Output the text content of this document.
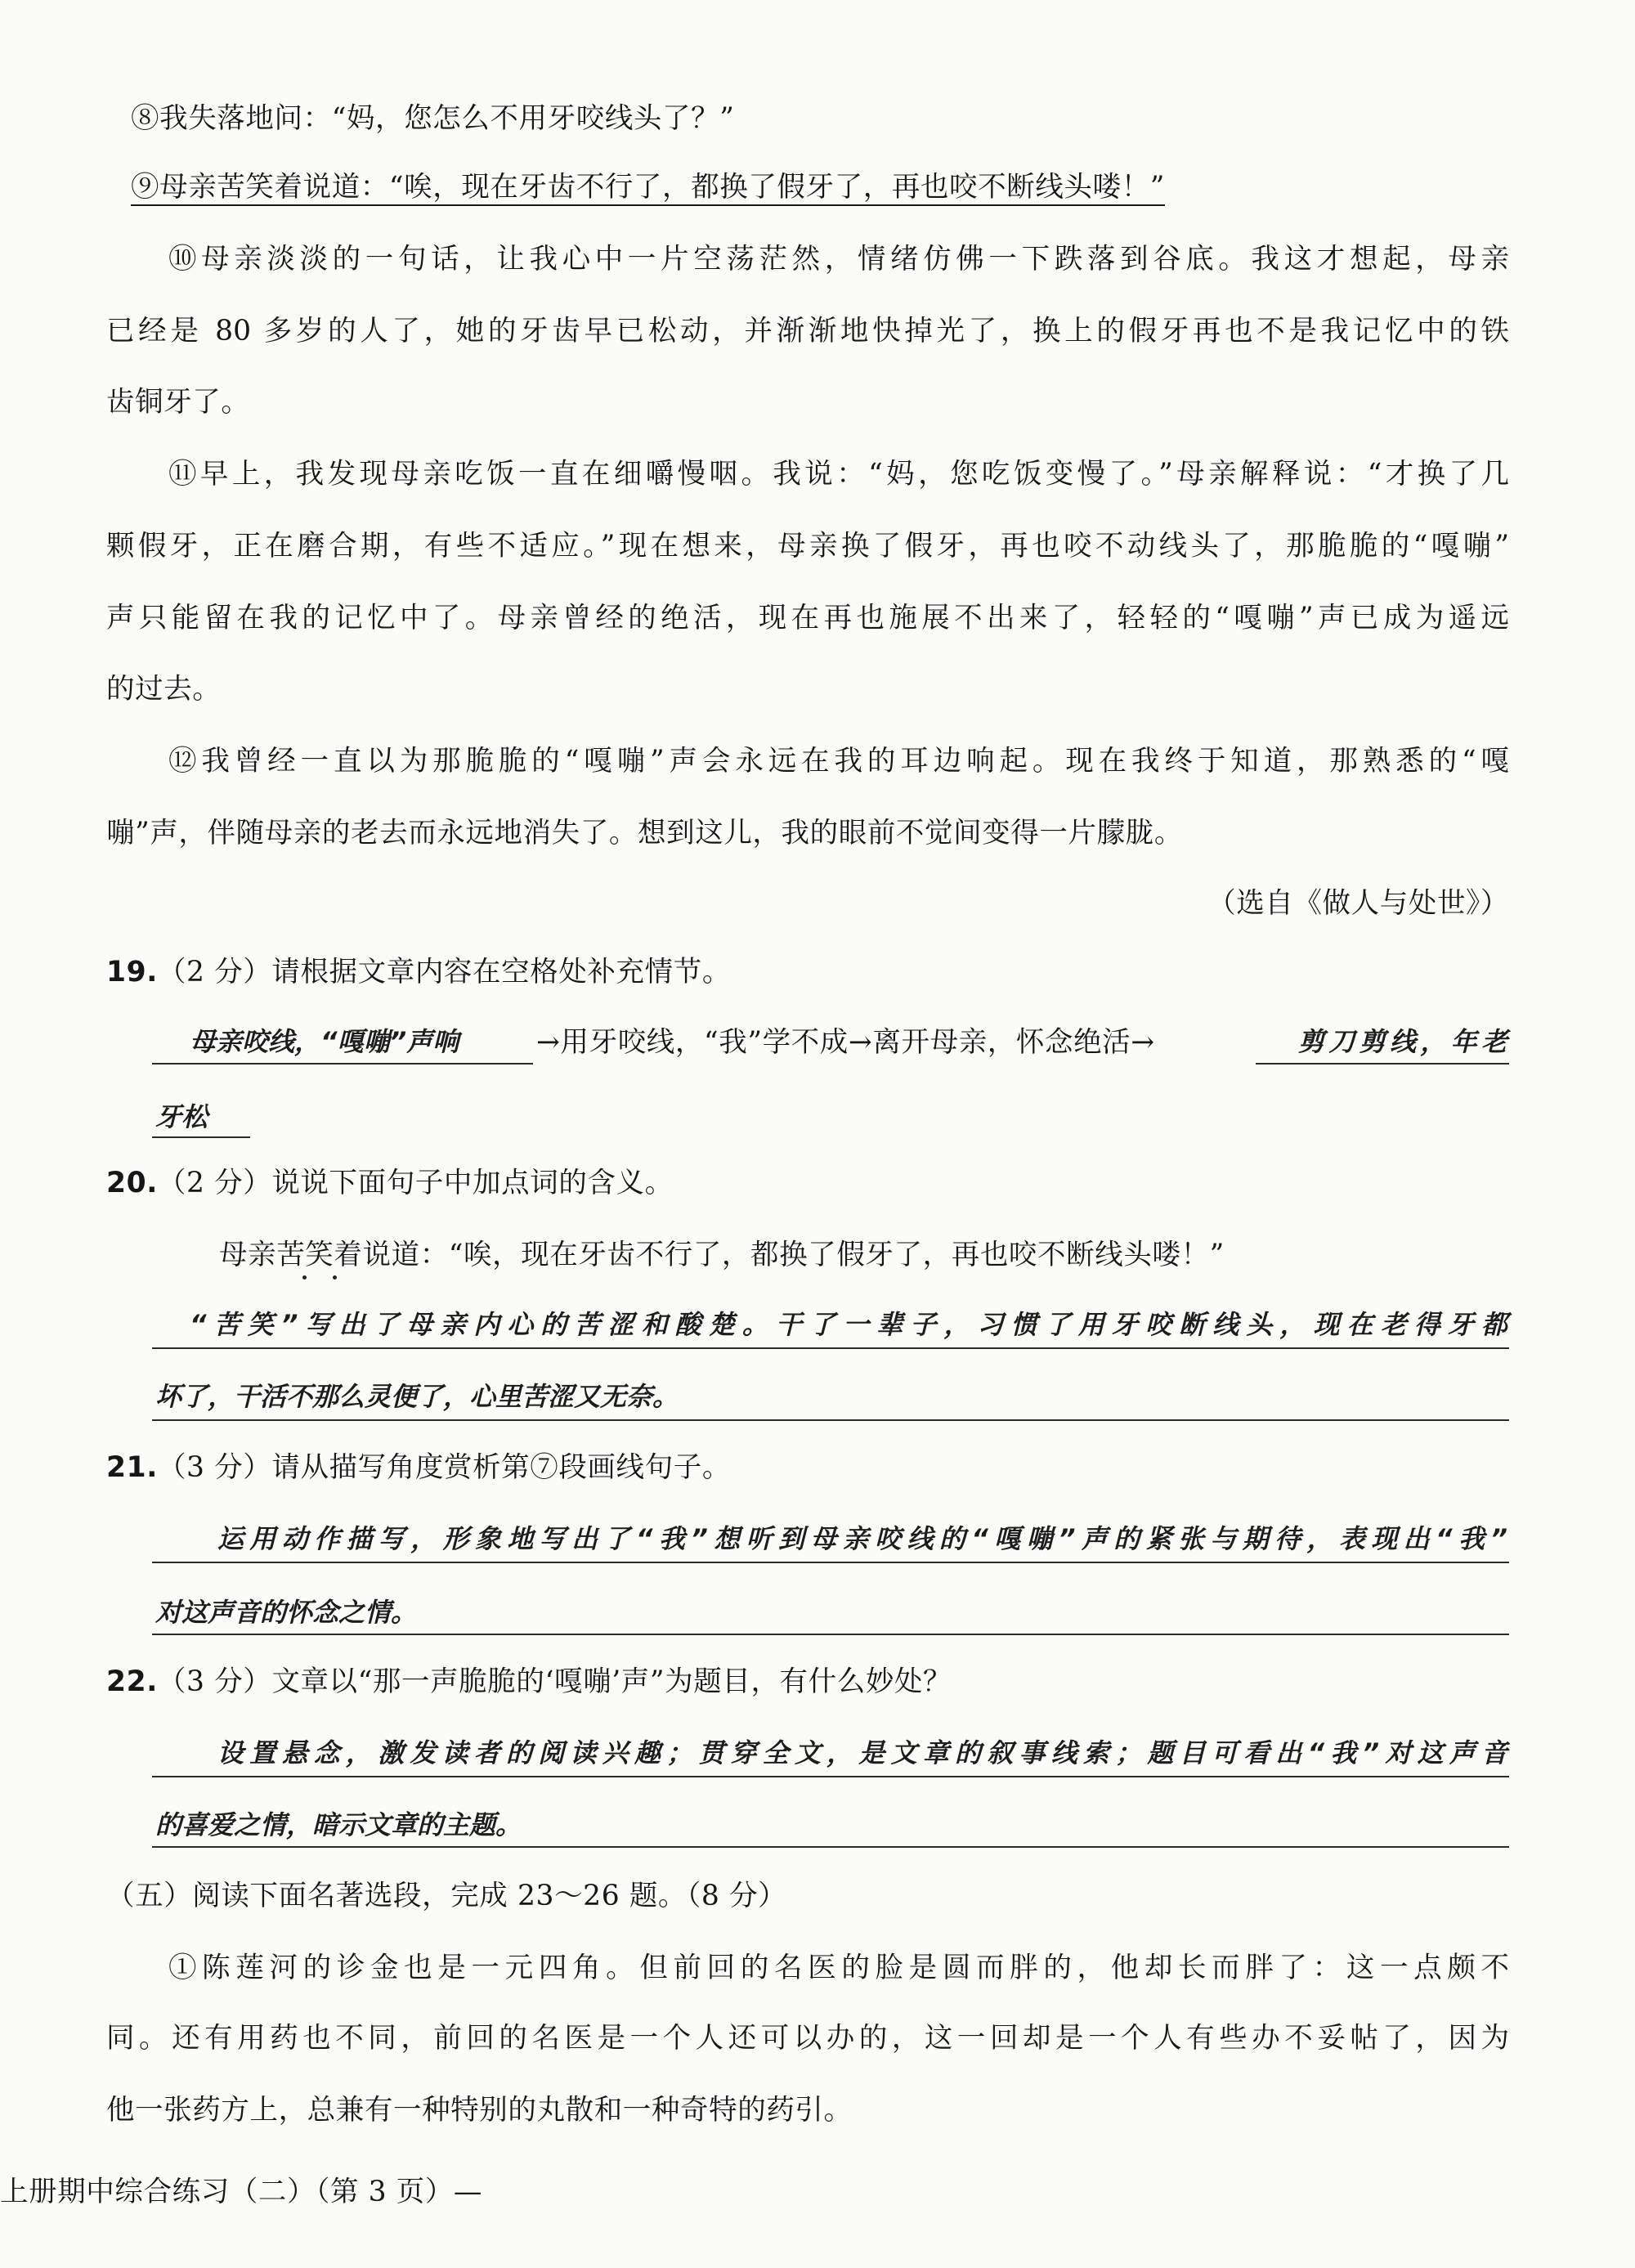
⑧我失落地问：“妈，您怎么不用牙咬线头了？”
⑨母亲苦笑着说道：“唉，现在牙齿不行了，都换了假牙了，再也咬不断线头喽！”
⑩母亲淡淡的一句话，让我心中一片空荡茫然，情绪仿佛一下跌落到谷底。我这才想起，母亲
已经是 80 多岁的人了，她的牙齿早已松动，并渐渐地快掉光了，换上的假牙再也不是我记忆中的铁
齿铜牙了。
⑪早上，我发现母亲吃饭一直在细嚼慢咽。我说：“妈，您吃饭变慢了。”母亲解释说：“才换了几
颗假牙，正在磨合期，有些不适应。”现在想来，母亲换了假牙，再也咬不动线头了，那脆脆的“嘎嘣”
声只能留在我的记忆中了。母亲曾经的绝活，现在再也施展不出来了，轻轻的“嘎嘣”声已成为遥远
的过去。
⑫我曾经一直以为那脆脆的“嘎嘣”声会永远在我的耳边响起。现在我终于知道，那熟悉的“嘎
嘣”声，伴随母亲的老去而永远地消失了。想到这儿，我的眼前不觉间变得一片朦胧。
（选自《做人与处世》）
19.（2 分）请根据文章内容在空格处补充情节。
母亲咬线，“嘎嘣”声响	→用牙咬线，“我”学不成→离开母亲，怀念绝活→	剪刀剪线，年老
牙松
20.（2 分）说说下面句子中加点词的含义。
母亲苦笑着说道：“唉，现在牙齿不行了，都换了假牙了，再也咬不断线头喽！”
“苦笑”写出了母亲内心的苦涩和酸楚。干了一辈子，习惯了用牙咬断线头，现在老得牙都
坏了，干活不那么灵便了，心里苦涩又无奈。
21.（3 分）请从描写角度赏析第⑦段画线句子。
运用动作描写，形象地写出了“我”想听到母亲咬线的“嘎嘣”声的紧张与期待，表现出“我”
对这声音的怀念之情。
22.（3 分）文章以“那一声脆脆的‘嘎嘣’声”为题目，有什么妙处？
设置悬念，激发读者的阅读兴趣；贯穿全文，是文章的叙事线索；题目可看出“我”对这声音
的喜爱之情，暗示文章的主题。
（五）阅读下面名著选段，完成 23～26 题。（8 分）
①陈莲河的诊金也是一元四角。但前回的名医的脸是圆而胖的，他却长而胖了：这一点颇不
同。还有用药也不同，前回的名医是一个人还可以办的，这一回却是一个人有些办不妥帖了，因为
他一张药方上，总兼有一种特别的丸散和一种奇特的药引。
上册期中综合练习（二）（第 3 页）—
